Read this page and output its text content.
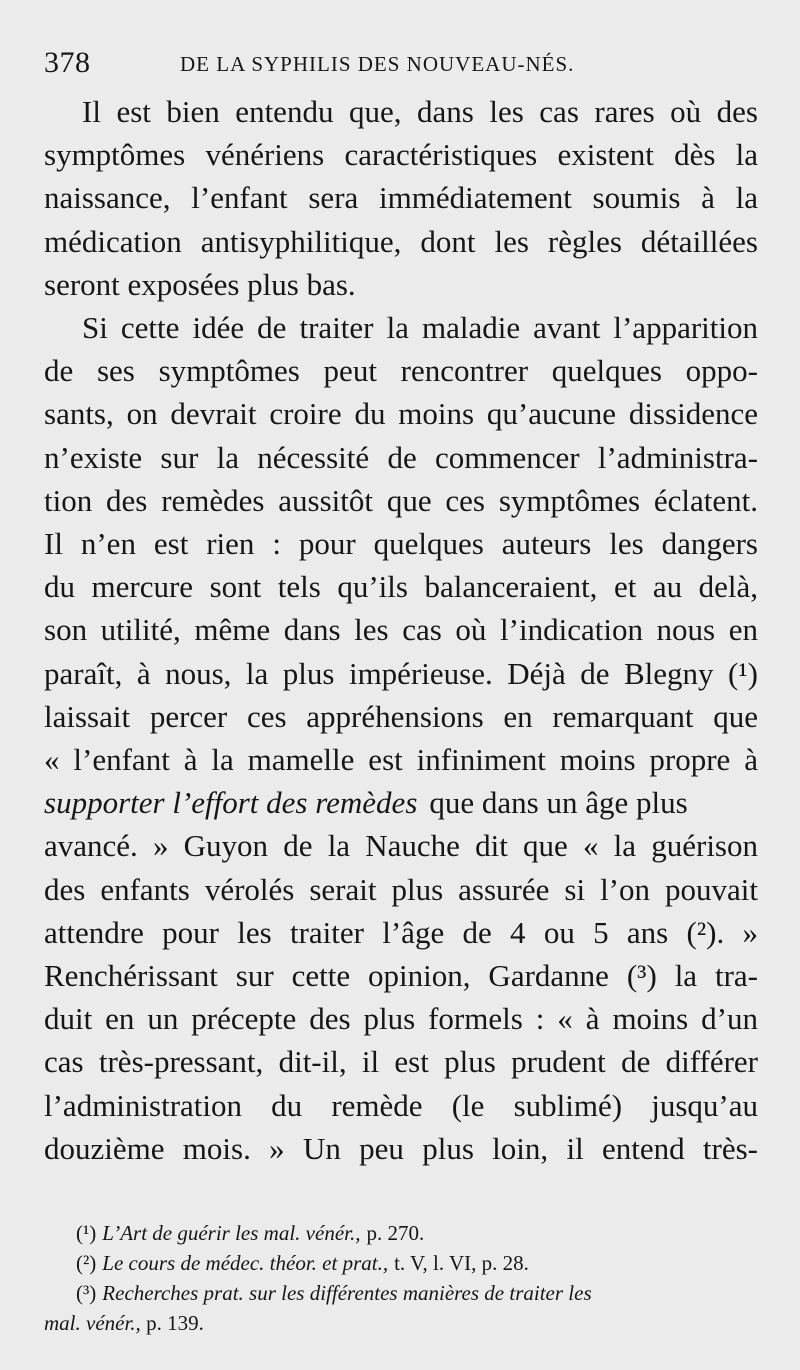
378	DE LA SYPHILIS DES NOUVEAU-NÉS.
Il est bien entendu que, dans les cas rares où des
symptômes vénériens caractéristiques existent dès la
naissance, l’enfant sera immédiatement soumis à la
médication antisyphilitique, dont les règles détaillées
seront exposées plus bas.
Si cette idée de traiter la maladie avant l’apparition
de ses symptômes peut rencontrer quelques oppo-
sants, on devrait croire du moins qu’aucune dissidence
n’existe sur la nécessité de commencer l’administra-
tion des remèdes aussitôt que ces symptômes éclatent.
Il n’en est rien : pour quelques auteurs les dangers
du mercure sont tels qu’ils balanceraient, et au delà,
son utilité, même dans les cas où l’indication nous en
paraît, à nous, la plus impérieuse. Déjà de Blegny (¹)
laissait percer ces appréhensions en remarquant que
« l’enfant à la mamelle est infiniment moins propre à
supporter l’effort des remèdes que dans un âge plus
avancé. » Guyon de la Nauche dit que « la guérison
des enfants vérolés serait plus assurée si l’on pouvait
attendre pour les traiter l’âge de 4 ou 5 ans (²). »
Renchérissant sur cette opinion, Gardanne (³) la tra-
duit en un précepte des plus formels : « à moins d’un
cas très-pressant, dit-il, il est plus prudent de différer
l’administration du remède (le sublimé) jusqu’au
douzième mois. » Un peu plus loin, il entend très-
(¹) L’Art de guérir les mal. vénér., p. 270.
(²) Le cours de médec. théor. et prat., t. V, l. VI, p. 28.
(³) Recherches prat. sur les différentes manières de traiter les
mal. vénér., p. 139.
